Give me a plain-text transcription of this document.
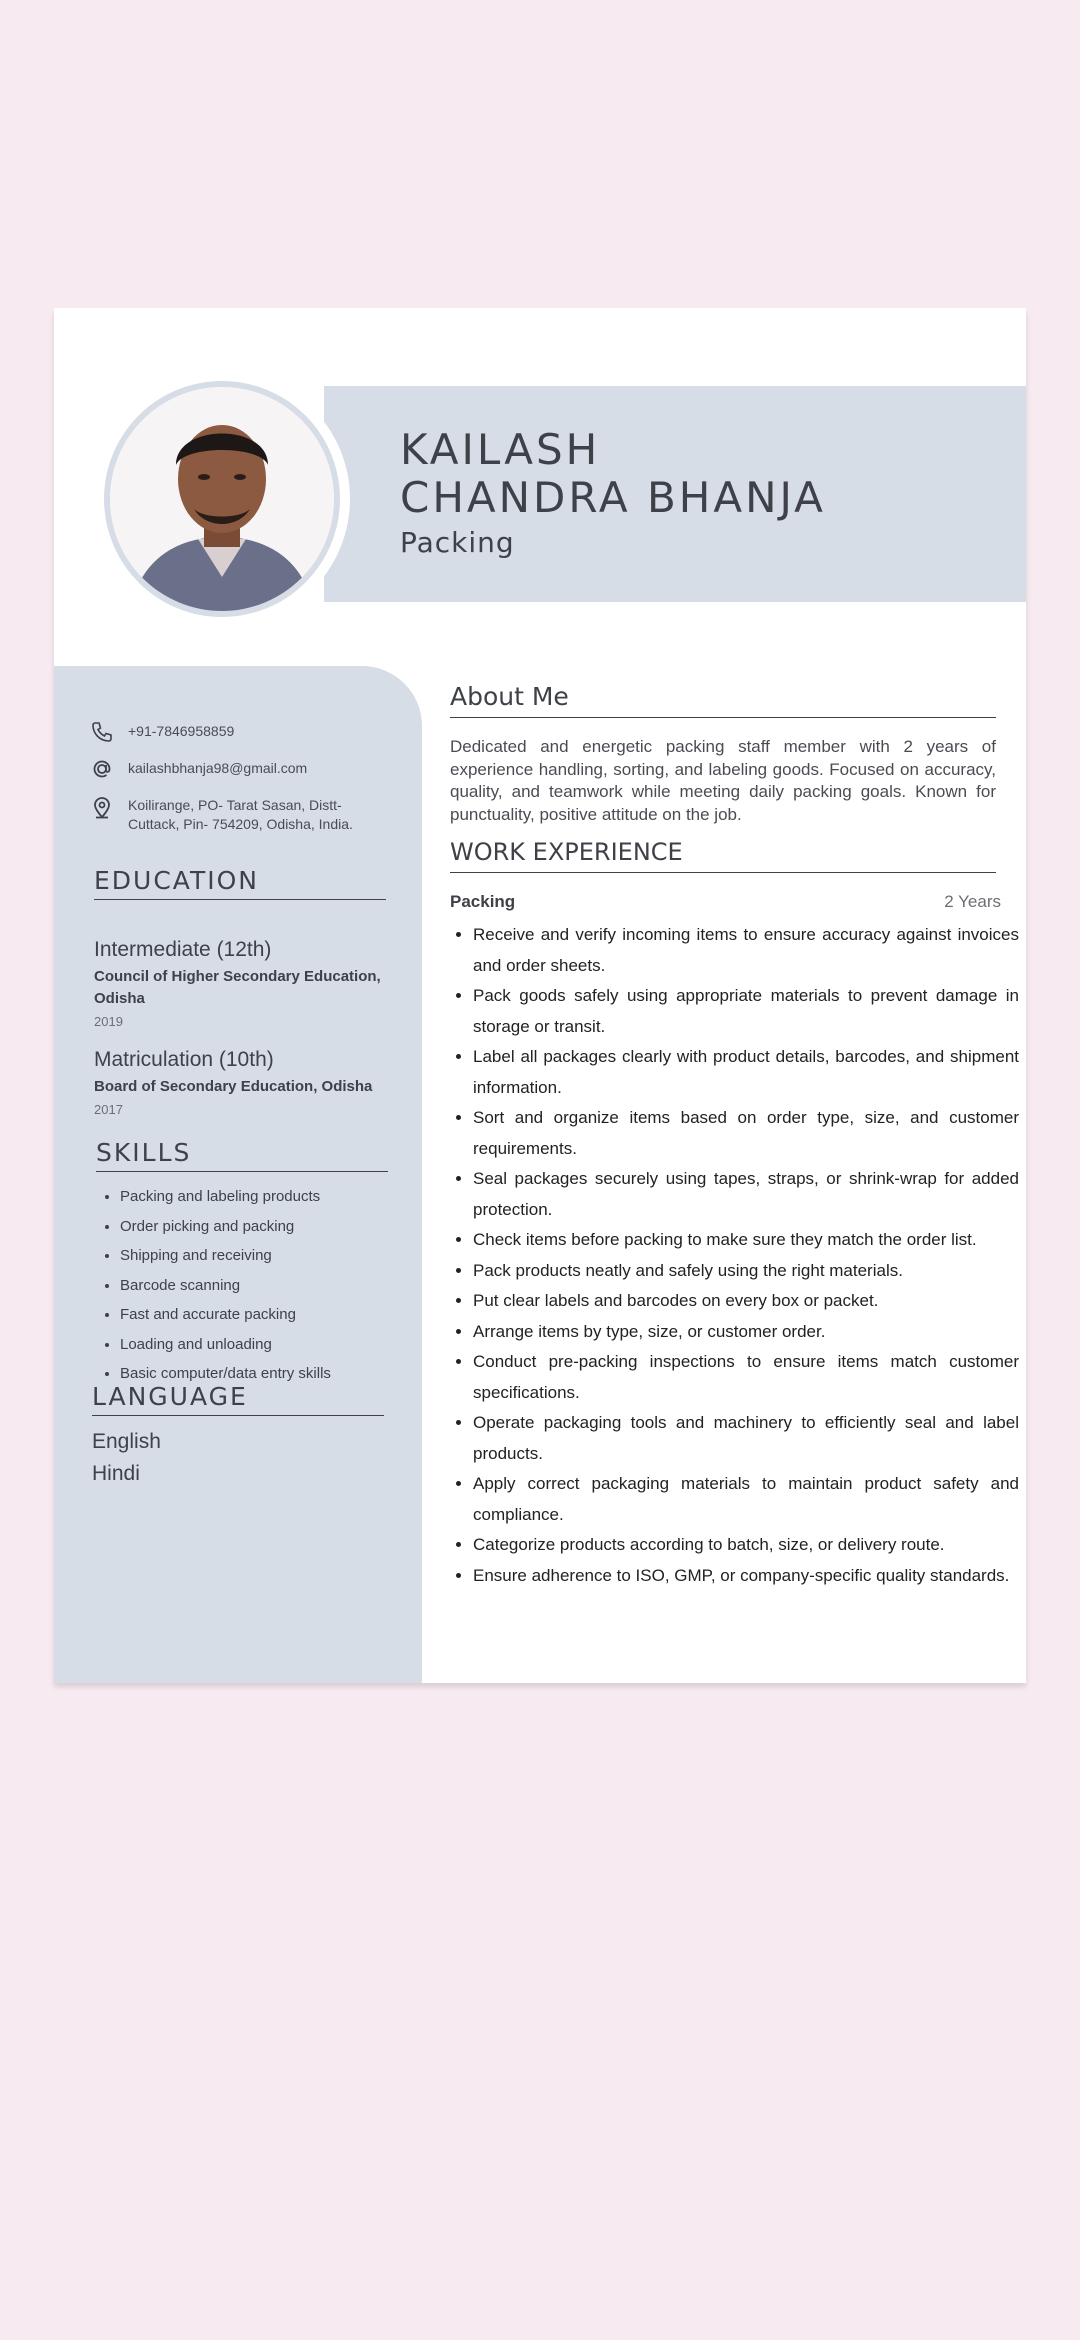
KAILASH CHANDRA BHANJA
Packing
+91-7846958859
kailashbhanja98@gmail.com
Koilirange, PO- Tarat Sasan, Distt-Cuttack, Pin- 754209, Odisha, India.
EDUCATION
Intermediate (12th)
Council of Higher Secondary Education, Odisha
2019
Matriculation (10th)
Board of Secondary Education, Odisha
2017
SKILLS
• Packing and labeling products
• Order picking and packing
• Shipping and receiving
• Barcode scanning
• Fast and accurate packing
• Loading and unloading
• Basic computer/data entry skills
LANGUAGE
English
Hindi
About Me

Dedicated and energetic packing staff member with 2 years of experience handling, sorting, and labeling goods. Focused on accuracy, quality, and teamwork while meeting daily packing goals. Known for punctuality, positive attitude on the job.

WORK EXPERIENCE
Packing	2 Years
• Receive and verify incoming items to ensure accuracy against invoices and order sheets.
• Pack goods safely using appropriate materials to prevent damage in storage or transit.
• Label all packages clearly with product details, barcodes, and shipment information.
• Sort and organize items based on order type, size, and customer requirements.
• Seal packages securely using tapes, straps, or shrink-wrap for added protection.
• Check items before packing to make sure they match the order list.
• Pack products neatly and safely using the right materials.
• Put clear labels and barcodes on every box or packet.
• Arrange items by type, size, or customer order.
• Conduct pre-packing inspections to ensure items match customer specifications.
• Operate packaging tools and machinery to efficiently seal and label products.
• Apply correct packaging materials to maintain product safety and compliance.
• Categorize products according to batch, size, or delivery route.
• Ensure adherence to ISO, GMP, or company-specific quality standards.
